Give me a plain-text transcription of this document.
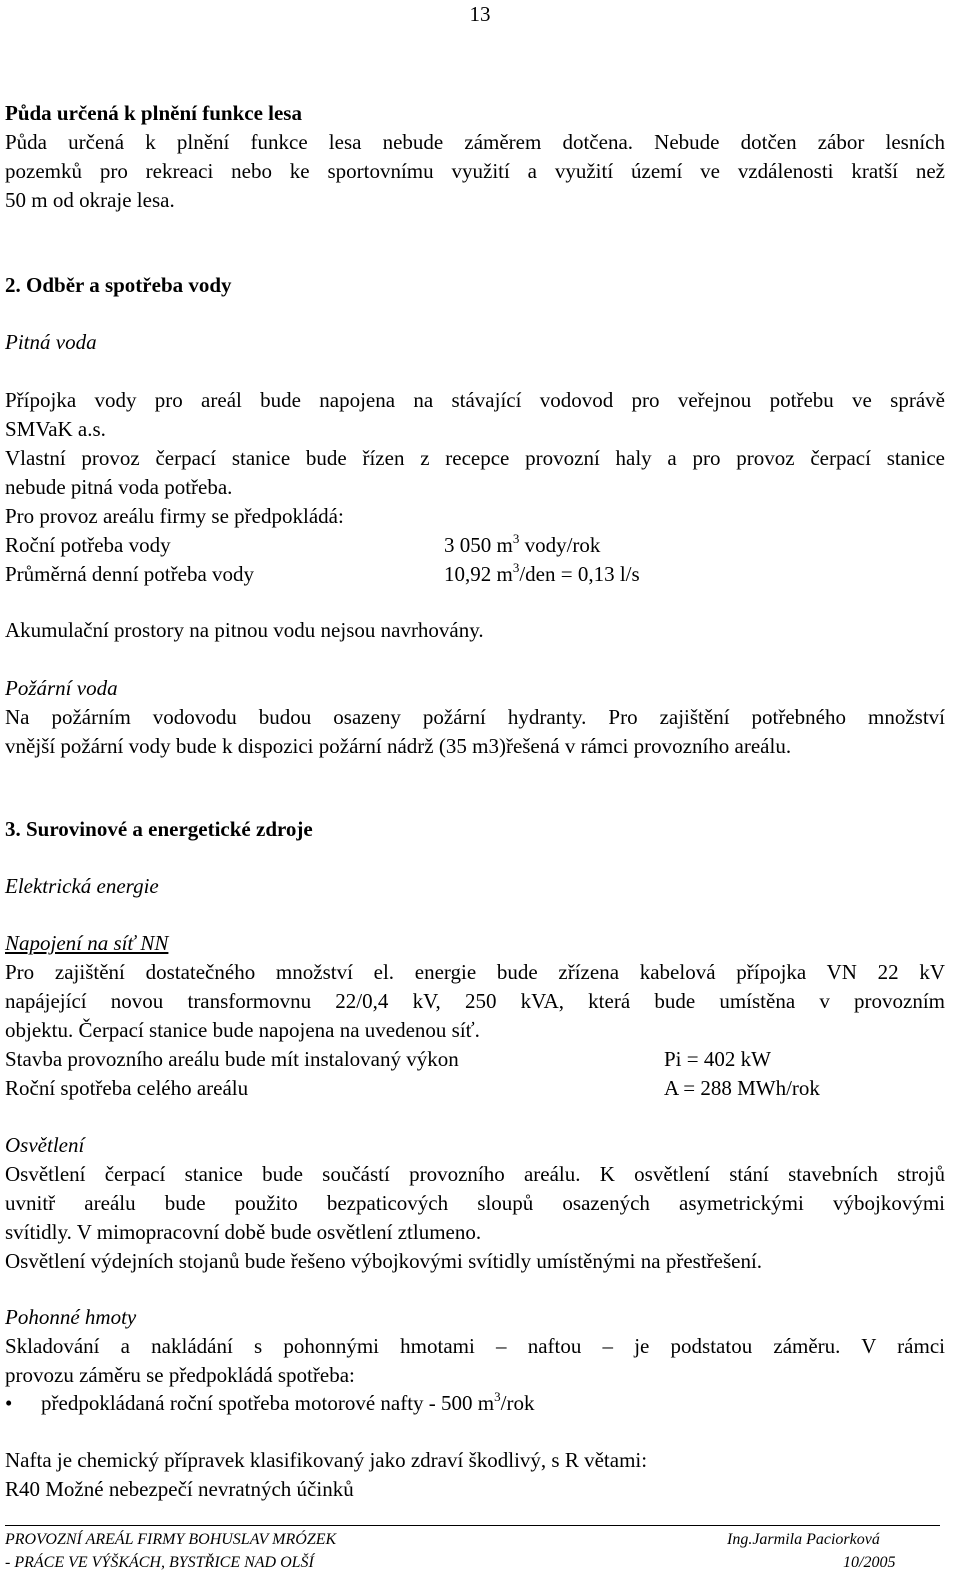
13
Půda určená k plnění funkce lesa
Půda určená k plnění funkce lesa nebude záměrem dotčena. Nebude dotčen zábor lesních
pozemků pro rekreaci nebo ke sportovnímu využití a využití území ve vzdálenosti kratší než
50 m od okraje lesa.
2. Odběr a spotřeba vody
Pitná voda
Přípojka vody pro areál bude napojena na stávající vodovod pro veřejnou potřebu ve správě
SMVaK a.s.
Vlastní provoz čerpací stanice bude řízen z recepce provozní haly a pro provoz čerpací stanice
nebude pitná voda potřeba.
Pro provoz areálu firmy se předpokládá:
Roční potřeba vody	3 050 $m^3$ vody/rok
Průměrná denní potřeba vody	10,92 $m^3$/den = 0,13 l/s
Akumulační prostory na pitnou vodu nejsou navrhovány.
Požární voda
Na požárním vodovodu budou osazeny požární hydranty. Pro zajištění potřebného množství
vnější požární vody bude k dispozici požární nádrž (35 m3)řešená v rámci provozního areálu.
3. Surovinové a energetické zdroje
Elektrická energie
Napojení na síť NN
Pro zajištění dostatečného množství el. energie bude zřízena kabelová přípojka VN 22 kV
napájející novou transformovnu 22/0,4 kV, 250 kVA, která bude umístěna v provozním
objektu. Čerpací stanice bude napojena na uvedenou síť.
Stavba provozního areálu bude mít instalovaný výkon	Pi = 402 kW
Roční spotřeba celého areálu	A = 288 MWh/rok
Osvětlení
Osvětlení čerpací stanice bude součástí provozního areálu. K osvětlení stání stavebních strojů
uvnitř areálu bude použito bezpaticových sloupů osazených asymetrickými výbojkovými
svítidly. V mimopracovní době bude osvětlení ztlumeno.
Osvětlení výdejních stojanů bude řešeno výbojkovými svítidly umístěnými na přestřešení.
Pohonné hmoty
Skladování a nakládání s pohonnými hmotami – naftou – je podstatou záměru. V rámci
provozu záměru se předpokládá spotřeba:
• předpokládaná roční spotřeba motorové nafty - 500 $m^3$/rok
Nafta je chemický přípravek klasifikovaný jako zdraví škodlivý, s R větami:
R40 Možné nebezpečí nevratných účinků
PROVOZNÍ AREÁL FIRMY BOHUSLAV MRÓZEK
- PRÁCE VE VÝŠKÁCH, BYSTŘICE NAD OLŠÍ
Ing.Jarmila Paciorková
10/2005
